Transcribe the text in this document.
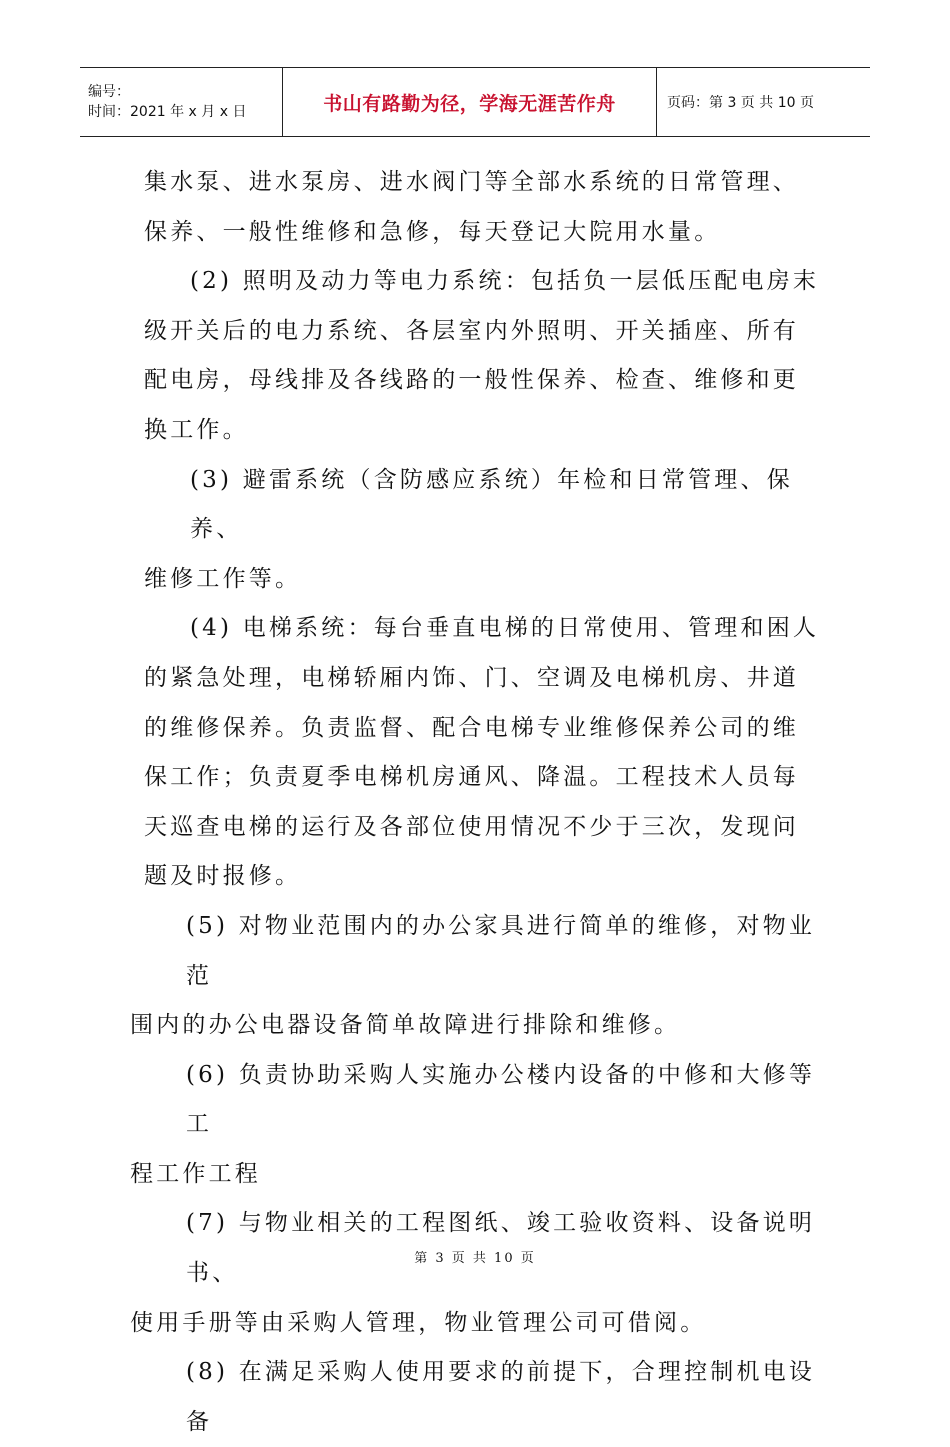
编号：
时间：2021 年 x 月 x 日	书山有路勤为径，学海无涯苦作舟	页码：第 3 页 共 10 页

集水泵、进水泵房、进水阀门等全部水系统的日常管理、

保养、一般性维修和急修，每天登记大院用水量。

(2) 照明及动力等电力系统：包括负一层低压配电房末

级开关后的电力系统、各层室内外照明、开关插座、所有

配电房，母线排及各线路的一般性保养、检查、维修和更

换工作。

(3) 避雷系统（含防感应系统）年检和日常管理、保养、

维修工作等。

(4) 电梯系统：每台垂直电梯的日常使用、管理和困人

的紧急处理，电梯轿厢内饰、门、空调及电梯机房、井道

的维修保养。负责监督、配合电梯专业维修保养公司的维

保工作；负责夏季电梯机房通风、降温。工程技术人员每

天巡查电梯的运行及各部位使用情况不少于三次，发现问

题及时报修。

(5) 对物业范围内的办公家具进行简单的维修，对物业范

围内的办公电器设备简单故障进行排除和维修。

(6) 负责协助采购人实施办公楼内设备的中修和大修等工

程工作工程

(7) 与物业相关的工程图纸、竣工验收资料、设备说明书、

使用手册等由采购人管理，物业管理公司可借阅。

(8) 在满足采购人使用要求的前提下，合理控制机电设备

第 3 页 共 10 页
